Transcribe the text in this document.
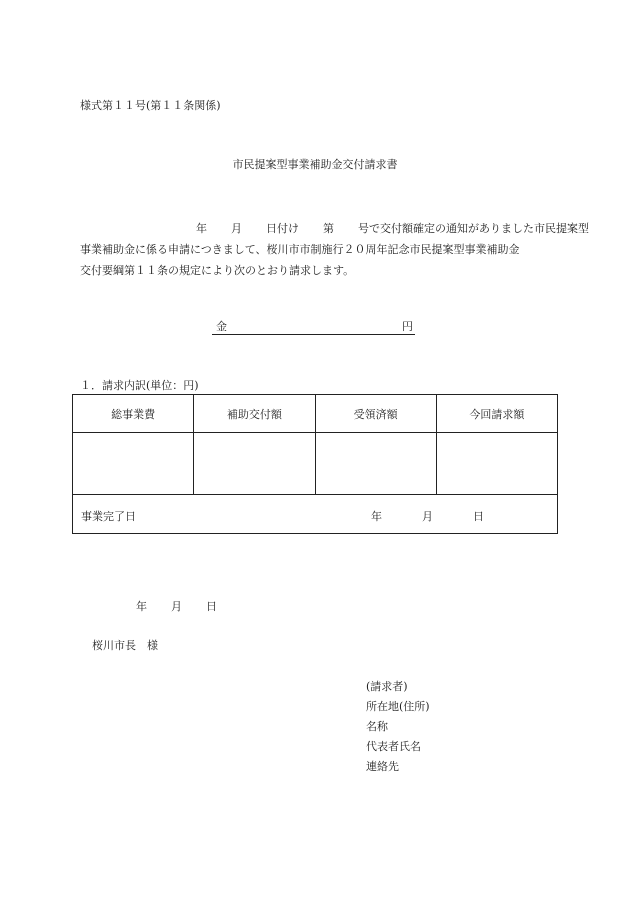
様式第１１号(第１１条関係)
市民提案型事業補助金交付請求書
年 月 日付け 第 号で交付額確定の通知がありました市民提案型
事業補助金に係る申請につきまして、桜川市市制施行２０周年記念市民提案型事業補助金
交付要綱第１１条の規定により次のとおり請求します。
金	円
１．請求内訳(単位：円)
総事業費	補助交付額	受領済額	今回請求額

事業完了日 年 月 日			
年 月 日
桜川市長　様
(請求者)
所在地(住所)
名称
代表者氏名
連絡先
